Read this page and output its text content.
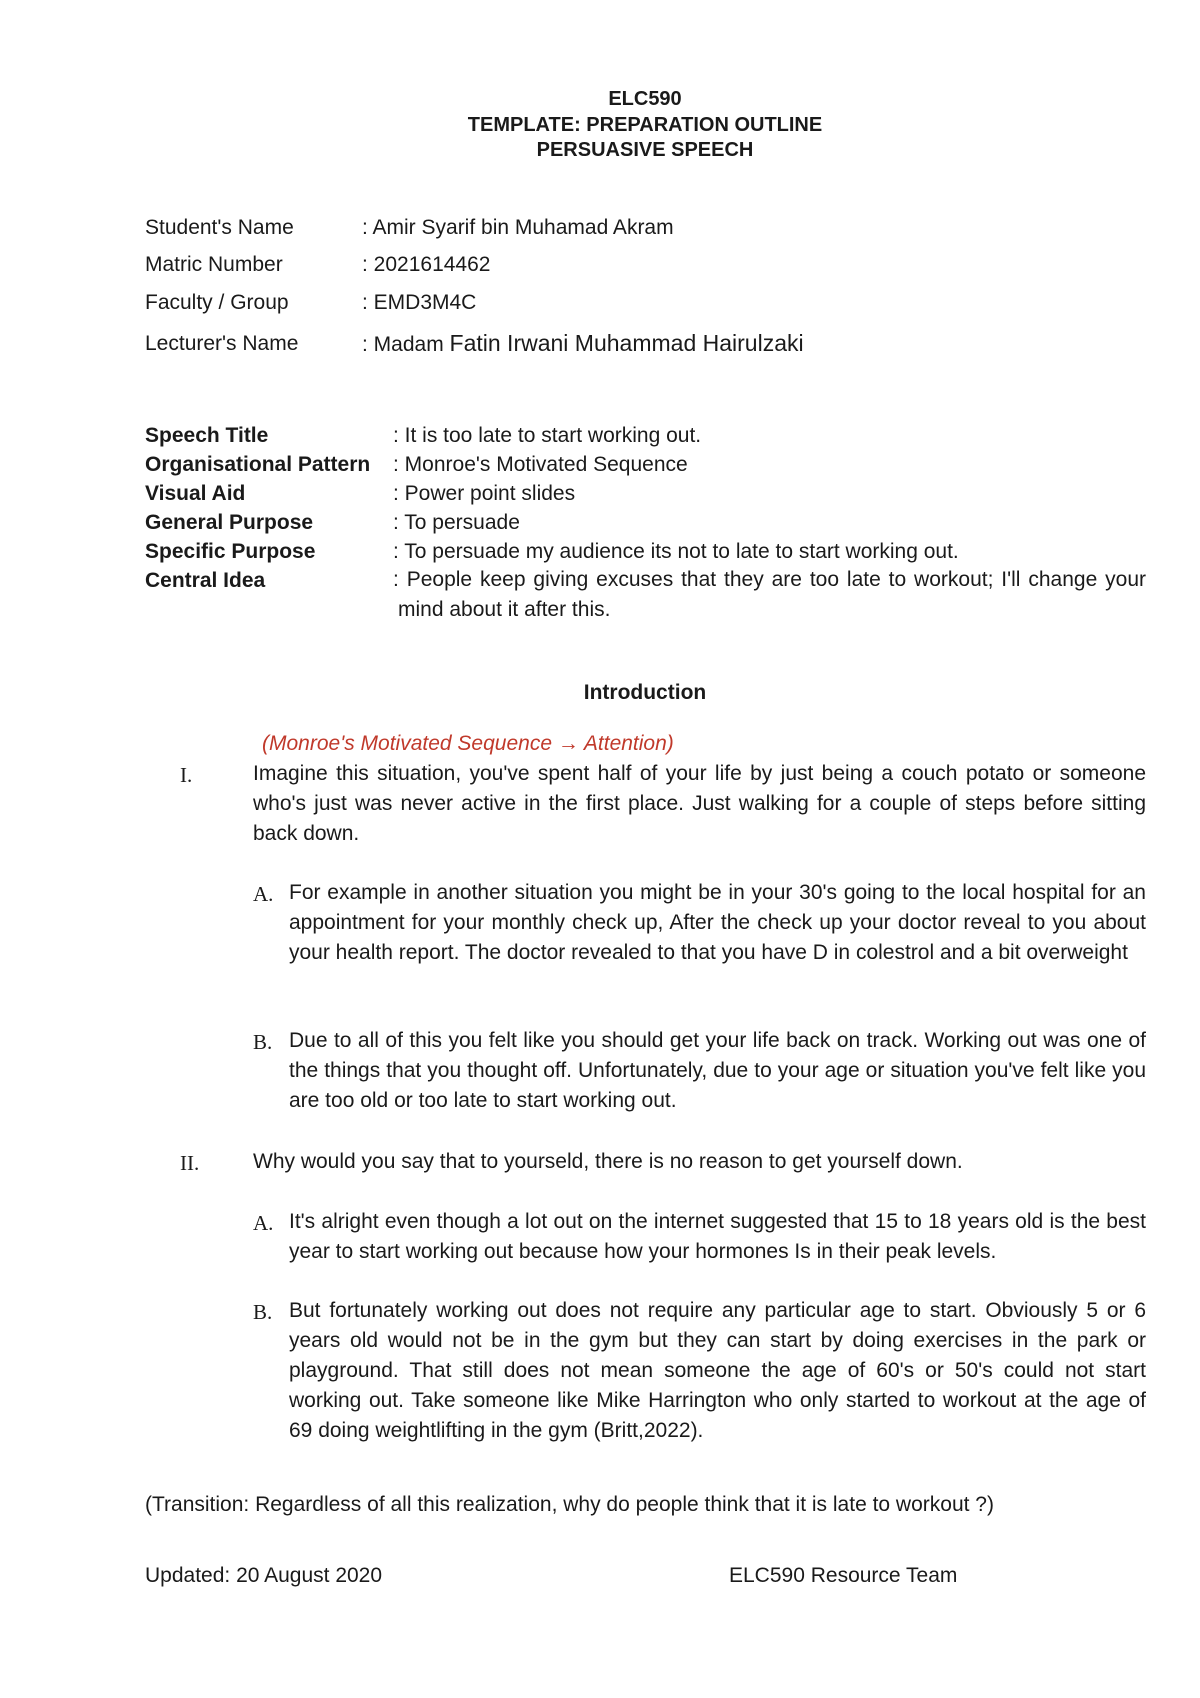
ELC590
TEMPLATE: PREPARATION OUTLINE
PERSUASIVE SPEECH
Student's Name	: Amir Syarif bin Muhamad Akram
Matric Number	: 2021614462
Faculty / Group	: EMD3M4C
Lecturer's Name	: Madam Fatin Irwani Muhammad Hairulzaki
Speech Title	: It is too late to start working out.
Organisational Pattern : Monroe's Motivated Sequence
Visual Aid	: Power point slides
General Purpose	: To persuade
Specific Purpose	: To persuade my audience its not to late to start working out.
Central Idea	: People keep giving excuses that they are too late to workout; I'll change your mind about it after this.
Introduction
(Monroe's Motivated Sequence → Attention)
I.	Imagine this situation, you've spent half of your life by just being a couch potato or someone who's just was never active in the first place. Just walking for a couple of steps before sitting back down.
A. For example in another situation you might be in your 30's going to the local hospital for an appointment for your monthly check up, After the check up your doctor reveal to you about your health report. The doctor revealed to that you have D in colestrol and a bit overweight
B. Due to all of this you felt like you should get your life back on track. Working out was one of the things that you thought off. Unfortunately, due to your age or situation you've felt like you are too old or too late to start working out.
II.	Why would you say that to yourseld, there is no reason to get yourself down.
A. It's alright even though a lot out on the internet suggested that 15 to 18 years old is the best year to start working out because how your hormones Is in their peak levels.
B. But fortunately working out does not require any particular age to start. Obviously 5 or 6 years old would not be in the gym but they can start by doing exercises in the park or playground. That still does not mean someone the age of 60's or 50's could not start working out. Take someone like Mike Harrington who only started to workout at the age of 69 doing weightlifting in the gym (Britt,2022).
(Transition: Regardless of all this realization, why do people think that it is late to workout ?)
Updated: 20 August 2020	ELC590 Resource Team
